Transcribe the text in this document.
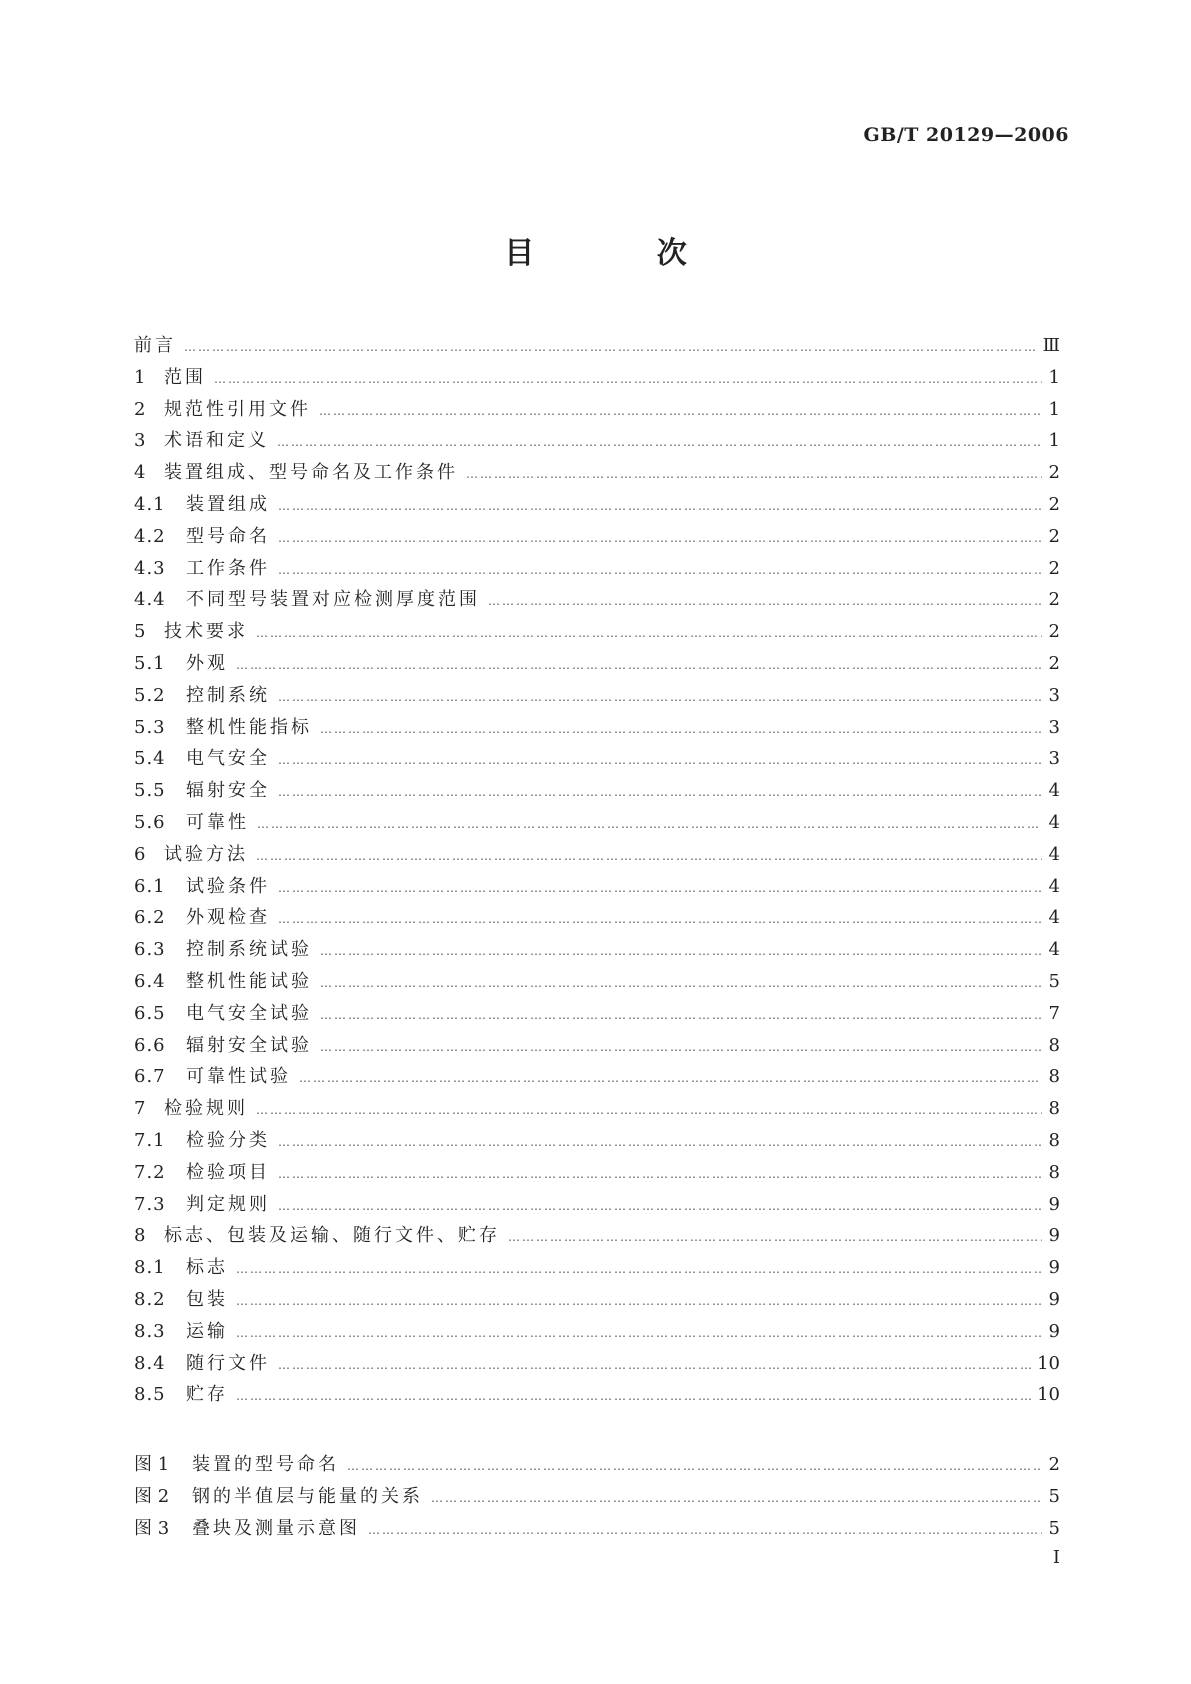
GB/T 20129—2006
目 次
前言 ……………………………………………………………………………………………………………………………………………………………………………………………………………………………………………………	Ⅲ
1 范围 ……………………………………………………………………………………………………………………………………………………………………………………………………………………………………………………	1
2 规范性引用文件 ……………………………………………………………………………………………………………………………………………………………………………………………………………………………………………………	1
3 术语和定义 ……………………………………………………………………………………………………………………………………………………………………………………………………………………………………………………	1
4 装置组成、型号命名及工作条件 ……………………………………………………………………………………………………………………………………………………………………………………………………………………………………………………	2
4.1	装置组成 ……………………………………………………………………………………………………………………………………………………………………………………………………………………………………………………	2
4.2	型号命名 ……………………………………………………………………………………………………………………………………………………………………………………………………………………………………………………	2
4.3	工作条件 ……………………………………………………………………………………………………………………………………………………………………………………………………………………………………………………	2
4.4	不同型号装置对应检测厚度范围 ……………………………………………………………………………………………………………………………………………………………………………………………………………………………………………………	2
5 技术要求 ……………………………………………………………………………………………………………………………………………………………………………………………………………………………………………………	2
5.1	外观 ……………………………………………………………………………………………………………………………………………………………………………………………………………………………………………………	2
5.2	控制系统 ……………………………………………………………………………………………………………………………………………………………………………………………………………………………………………………	3
5.3	整机性能指标 ……………………………………………………………………………………………………………………………………………………………………………………………………………………………………………………	3
5.4	电气安全 ……………………………………………………………………………………………………………………………………………………………………………………………………………………………………………………	3
5.5	辐射安全 ……………………………………………………………………………………………………………………………………………………………………………………………………………………………………………………	4
5.6	可靠性 ……………………………………………………………………………………………………………………………………………………………………………………………………………………………………………………	4
6 试验方法 ……………………………………………………………………………………………………………………………………………………………………………………………………………………………………………………	4
6.1	试验条件 ……………………………………………………………………………………………………………………………………………………………………………………………………………………………………………………	4
6.2	外观检查 ……………………………………………………………………………………………………………………………………………………………………………………………………………………………………………………	4
6.3	控制系统试验 ……………………………………………………………………………………………………………………………………………………………………………………………………………………………………………………	4
6.4	整机性能试验 ……………………………………………………………………………………………………………………………………………………………………………………………………………………………………………………	5
6.5	电气安全试验 ……………………………………………………………………………………………………………………………………………………………………………………………………………………………………………………	7
6.6	辐射安全试验 ……………………………………………………………………………………………………………………………………………………………………………………………………………………………………………………	8
6.7	可靠性试验 ……………………………………………………………………………………………………………………………………………………………………………………………………………………………………………………	8
7 检验规则 ……………………………………………………………………………………………………………………………………………………………………………………………………………………………………………………	8
7.1	检验分类 ……………………………………………………………………………………………………………………………………………………………………………………………………………………………………………………	8
7.2	检验项目 ……………………………………………………………………………………………………………………………………………………………………………………………………………………………………………………	8
7.3	判定规则 ……………………………………………………………………………………………………………………………………………………………………………………………………………………………………………………	9
8 标志、包装及运输、随行文件、贮存 ……………………………………………………………………………………………………………………………………………………………………………………………………………………………………………………	9
8.1	标志 ……………………………………………………………………………………………………………………………………………………………………………………………………………………………………………………	9
8.2	包装 ……………………………………………………………………………………………………………………………………………………………………………………………………………………………………………………	9
8.3	运输 ……………………………………………………………………………………………………………………………………………………………………………………………………………………………………………………	9
8.4	随行文件 ……………………………………………………………………………………………………………………………………………………………………………………………………………………………………………………	10
8.5	贮存 ……………………………………………………………………………………………………………………………………………………………………………………………………………………………………………………	10
图 1	装置的型号命名 ……………………………………………………………………………………………………………………………………………………………………………………………………………………………………………………	2
图 2	钢的半值层与能量的关系 ……………………………………………………………………………………………………………………………………………………………………………………………………………………………………………………	5
图 3	叠块及测量示意图 ……………………………………………………………………………………………………………………………………………………………………………………………………………………………………………………	5
I
